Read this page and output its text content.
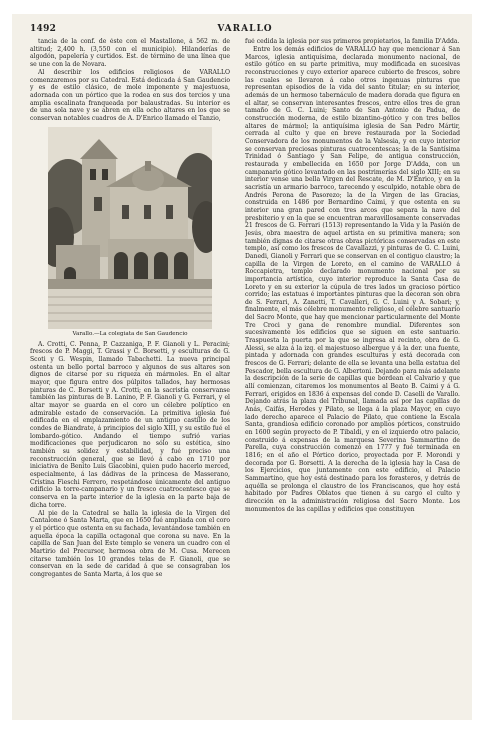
1492	VARALLO

tancia de la conf. de éste con el Mastallone, á 562 m. de altitud; 2,400 h. (3,550 con el municipio). Hilanderías de algodón, papelería y curtidos. Est. de término de una línea que se une con la de Novara.

Al describir los edificios religiosos de VARALLO comenzaremos por su Catedral. Está dedicada á San Gaudencio y es de estilo clásico, de mole imponente y majestuosa, adornada con un pórtico que la rodea en sus dos tercios y una amplia escalinata franqueada por balaustradas. Su interior es de una sola nave y se abren en ella ocho altares en los que se conservan notables cuadros de A. D'Enrico llamado el Tanzio,

Varallo.—La colegiata de San Gaudencio

A. Crotti, C. Penna, P. Cazzaniga, P. F. Gianoli y L. Peracini; frescos de P. Maggi, T. Grassi y C. Borsetti, y esculturas de G. Scoti y G. Wespin, llamado Tabachetti. La nueva principal ostenta un bello portal barroco y algunos de sus altares son dignos de citarse por su riqueza en mármoles. En el altar mayor, que figura entre dos púlpitos tallados, hay hermosas pinturas de C. Borsetti y A. Crotti; en la sacristía conservanse también las pinturas de B. Lanino, P. F. Gianoli y G. Ferrari, y el altar mayor se guarda en el coro un célebre políptico en admirable estado de conservación. La primitiva iglesia fué edificada en el emplazamiento de un antiguo castillo de los condes de Biandrate, á principios del siglo XIII, y su estilo fué el lombardo-gótico. Andando el tiempo sufrió varias modificaciones que perjudicaron no sólo su estética, sino también su solidez y estabilidad, y fué preciso una reconstrucción general, que se llevó á cabo en 1710 por iniciativa de Benito Luis Giacobini, quien pudo hacerlo merced, especialmente, á las dádivas de la princesa de Masserano, Cristina Fieschi Ferrero, respetándose únicamente del antiguo edificio la torre-campanario y un fresco cuatrocentesco que se conserva en la parte interior de la iglesia en la parte baja de dicha torre.

Al pie de la Catedral se halla la iglesia de la Virgen del Cantalone ó Santa Marta, que en 1650 fué ampliada con el coro y el pórtico que ostenta en su fachada, levantándose también en aquella época la capilla octagonal que corona su nave. En la capilla de San Juan del Este templo se venera un cuadro con el Martirio del Precursor, hermosa obra de M. Cusa. Merecen citarse también los 10 grandes telas de F. Gianoli, que se conservan en la sede de caridad á que se consagraban los congregantes de Santa Marta, á los que se

fué cedida la iglesia por sus primeros propietarios, la familia D'Adda.

Entre los demás edificios de VARALLO hay que mencionar á San Marcos, iglesia antiquísima, declarada monumento nacional, de estilo gótico en su parte primitiva, muy modificada en sucesivas reconstrucciones y cuyo exterior aparece cubierto de frescos, sobre las cuales se llevaron á cabo otros ingenuas pinturas que representan episodios de la vida del santo titular; en su interior, además de un hermoso tabernáculo de madera dorada que figura en el altar, se conservan interesantes frescos, entre ellos tres de gran tamaño de G. C. Luini; Santo de San Antonio de Padua, de construcción moderna, de estilo bizantino-gótico y con tres bellos altares de mármol; la antiquísima iglesia de San Pedro Mártir, cerrada al culto y que en breve restaurada por la Sociedad Conservadora de los monumentos de la Valsesia, y en cuyo interior se conservan preciosas pinturas cuatrocentescas; la de la Santísima Trinidad ó Santiago y San Felipe, de antigua construcción, restaurada y embellecida en 1650 por Jorge D'Adda, con un campanario gótico levantado en las postrimerías del siglo XIII; en su interior vense una bella Virgen del Rescate, de M. D'Enrico, y en la sacristía un armario barroco, tarecendo y esculpido, notable obra de Andrés Perona de Pasorezo; la de la Virgen de las Gracias, construida en 1486 por Bernardino Caimi, y que ostenta en su interior una gran pared con tres arcos que separa la nave del presbiterio y en la que se encuentran maravillosamente conservadas 21 frescos de G. Ferrari (1513) representando la Vida y la Pasión de Jesús, obra maestra de aquel artista en su primitiva manera; son también dignas de citarse otras obras pictóricas conservadas en este templo, así como los frescos de Cavallazzi, y pinturas de G. C. Luini, Danedi, Gianoli y Ferrari que se conservan en el contiguo claustro; la capilla de la Virgen de Loreto, en el camino de VARALLO á Roccapietra, templo declarado monumento nacional por su importancia artística, cuyo interior reproduce la Santa Casa de Loreto y en su exterior la cúpula de tres lados un gracioso pórtico corrido; las estatuas é importantes pinturas que la decoran son obra de S. Ferrari, A. Zanetti, T. Cavalleri, G. C. Luini y A. Sobari; y, finalmente, el más célebre monumento religioso, el célebre santuario del Sacro Monte, que hay que mencionar particularmente del Monte Tre Croci y gana de renombre mundial. Diferentes son sucesivamente los edificios que se siguen en este santuario. Traspuesta la puerta por la que se ingresa al recinto, obra de G. Alessi, se alza á la izq. el majestuoso albergue y á la der. una fuente, pintada y adornada con grandes esculturas y está decorada con frescos de G. Ferrari; delante de ella se levanta una bella estatua del Pescador, bella escultura de G. Albertoni. Dejando para más adelante la descripción de la serie de capillas que bordean el Calvario y que allí comienzan, citaremos los monumentos al Beato B. Caimi y á G. Ferrari, erigidos en 1836 á expensas del conde D. Caselli de Varallo. Dejando atrás la plaza del Tribunal, llamada así por las capillas de Anás, Caifás, Herodes y Pilato, se llega á la plaza Mayor, en cuyo lado derecho aparece el Palacio de Pilato, que contiene la Escala Santa, grandiosa edificio coronado por amplios pórticos, construido en 1600 según proyecto de P. Tibaldi, y en el izquierdo otro palacio, construido á expensas de la marquesa Severina Sammartino de Parella, cuya construcción comenzó en 1777 y fué terminada en 1816; en el año el Pórtico dorico, proyectada por F. Morondi y decorada por G. Borsetti. A la derecha de la iglesia hay la Casa de los Ejercicios, que juntamente con este edificio, el Palacio Sammartino, que hoy está destinado para los forasteros, y detrás de aquélla se prolonga el claustro de los Franciscanos, que hoy está habitado por Padres Oblatos que tienen á su cargo el culto y dirección en la administración religiosa del Sacro Monte. Los monumentos de las capillas y edificios que constituyen
